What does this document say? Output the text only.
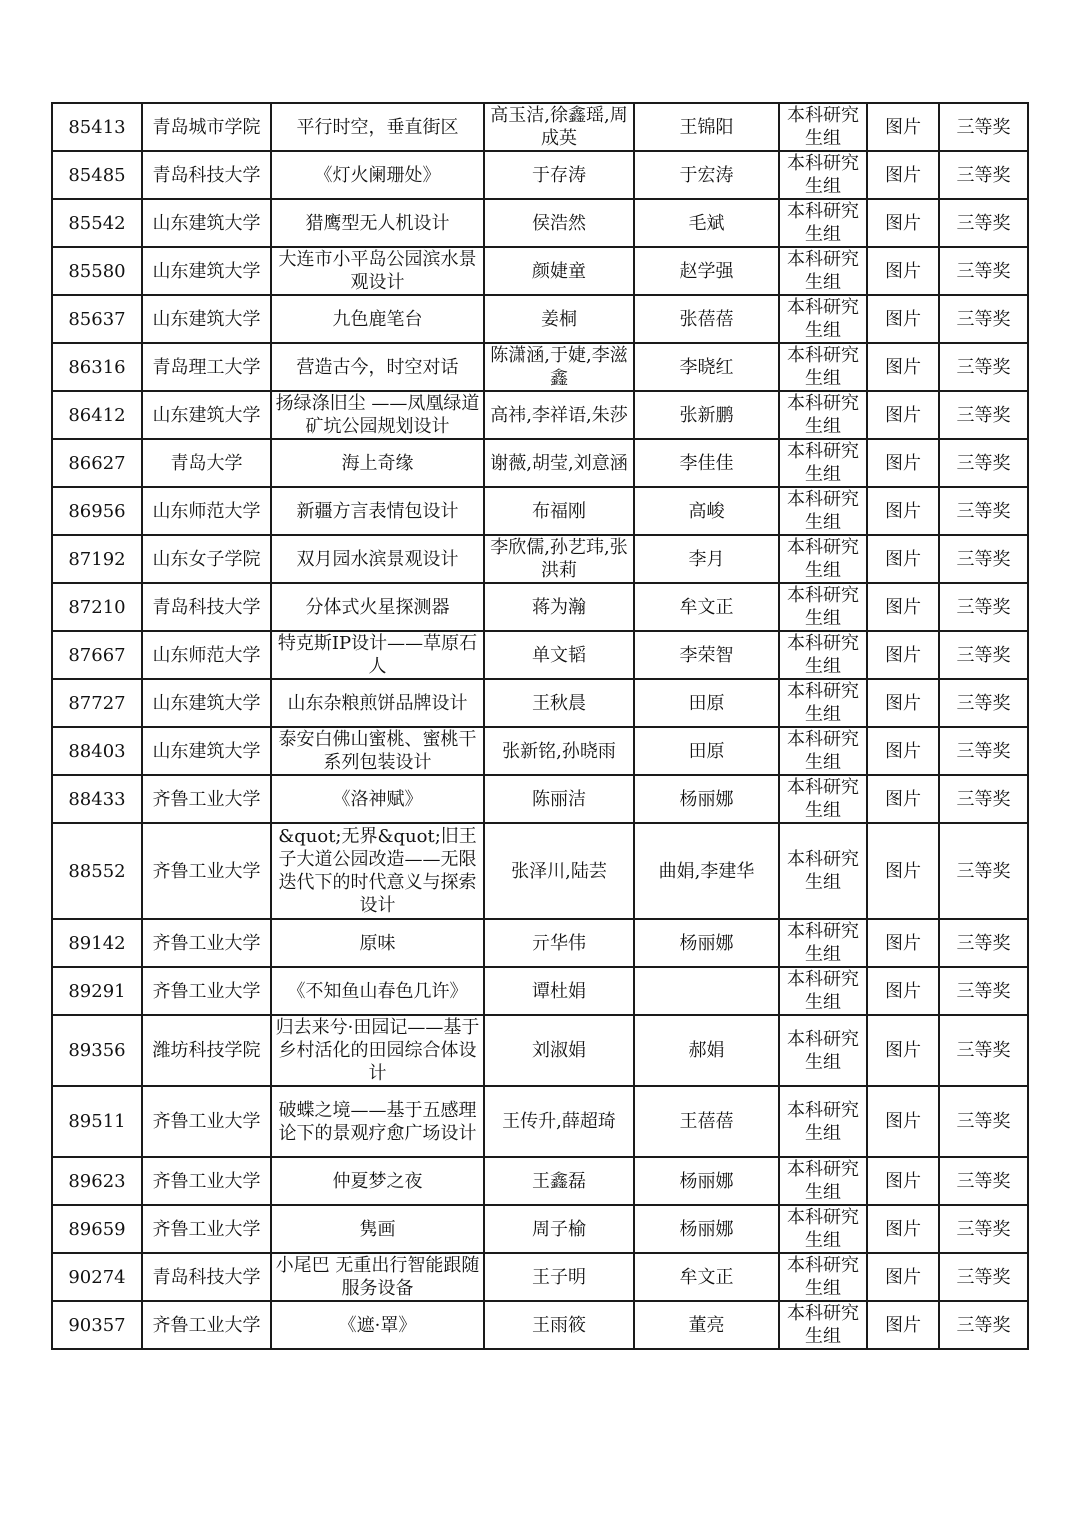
85413	青岛城市学院	平行时空，垂直街区	高玉洁,徐鑫瑶,周成英	王锦阳	本科研究生组	图片	三等奖
85485	青岛科技大学	《灯火阑珊处》	于存涛	于宏涛	本科研究生组	图片	三等奖
85542	山东建筑大学	猎鹰型无人机设计	侯浩然	毛斌	本科研究生组	图片	三等奖
85580	山东建筑大学	大连市小平岛公园滨水景观设计	颜婕童	赵学强	本科研究生组	图片	三等奖
85637	山东建筑大学	九色鹿笔台	姜桐	张蓓蓓	本科研究生组	图片	三等奖
86316	青岛理工大学	营造古今，时空对话	陈潇涵,于婕,李滋鑫	李晓红	本科研究生组	图片	三等奖
86412	山东建筑大学	扬绿涤旧尘 ——凤凰绿道矿坑公园规划设计	高祎,李祥语,朱莎	张新鹏	本科研究生组	图片	三等奖
86627	青岛大学	海上奇缘	谢薇,胡莹,刘意涵	李佳佳	本科研究生组	图片	三等奖
86956	山东师范大学	新疆方言表情包设计	布福刚	高峻	本科研究生组	图片	三等奖
87192	山东女子学院	双月园水滨景观设计	李欣儒,孙艺玮,张洪莉	李月	本科研究生组	图片	三等奖
87210	青岛科技大学	分体式火星探测器	蒋为瀚	牟文正	本科研究生组	图片	三等奖
87667	山东师范大学	特克斯IP设计——草原石人	单文韬	李荣智	本科研究生组	图片	三等奖
87727	山东建筑大学	山东杂粮煎饼品牌设计	王秋晨	田原	本科研究生组	图片	三等奖
88403	山东建筑大学	泰安白佛山蜜桃、蜜桃干系列包装设计	张新铭,孙晓雨	田原	本科研究生组	图片	三等奖
88433	齐鲁工业大学	《洛神赋》	陈丽洁	杨丽娜	本科研究生组	图片	三等奖
88552	齐鲁工业大学	&quot;无界&quot;旧王子大道公园改造——无限迭代下的时代意义与探索设计	张泽川,陆芸	曲娟,李建华	本科研究生组	图片	三等奖
89142	齐鲁工业大学	原味	亓华伟	杨丽娜	本科研究生组	图片	三等奖
89291	齐鲁工业大学	《不知鱼山春色几许》	谭杜娟		本科研究生组	图片	三等奖
89356	潍坊科技学院	归去来兮·田园记——基于乡村活化的田园综合体设计	刘淑娟	郝娟	本科研究生组	图片	三等奖
89511	齐鲁工业大学	破蝶之境——基于五感理论下的景观疗愈广场设计	王传升,薛超琦	王蓓蓓	本科研究生组	图片	三等奖
89623	齐鲁工业大学	仲夏梦之夜	王鑫磊	杨丽娜	本科研究生组	图片	三等奖
89659	齐鲁工业大学	隽画	周子榆	杨丽娜	本科研究生组	图片	三等奖
90274	青岛科技大学	小尾巴 无重出行智能跟随服务设备	王子明	牟文正	本科研究生组	图片	三等奖
90357	齐鲁工业大学	《遮·罩》	王雨筱	董亮	本科研究生组	图片	三等奖
